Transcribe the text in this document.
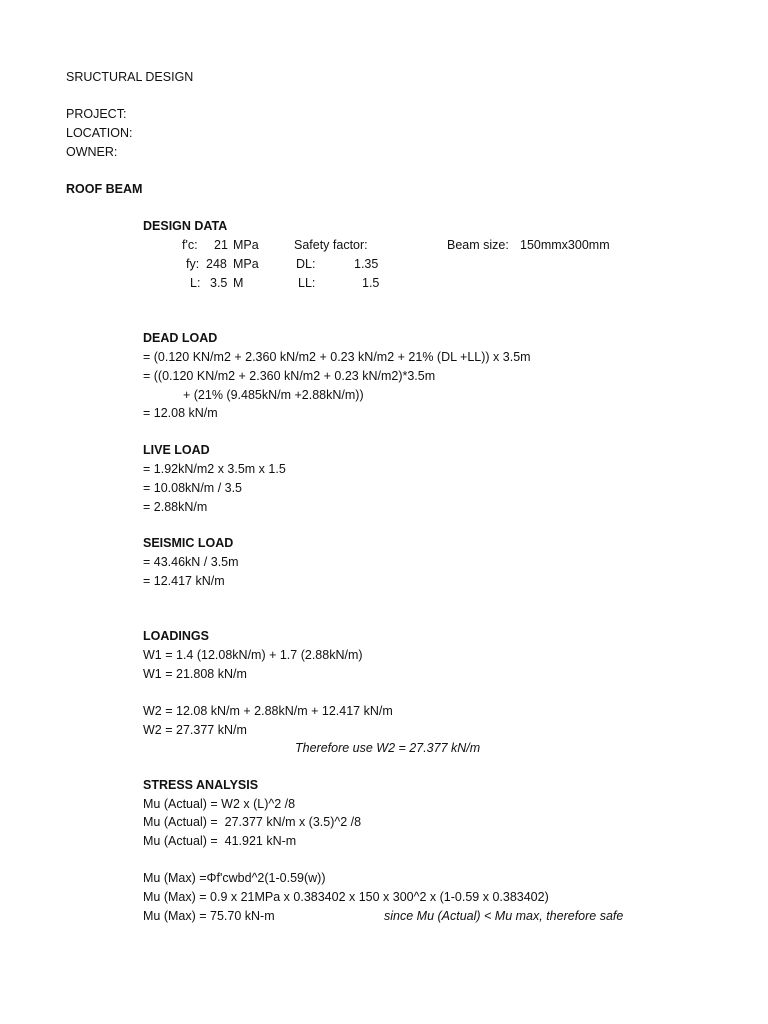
SRUCTURAL DESIGN
PROJECT:
LOCATION:
OWNER:
ROOF BEAM
DESIGN DATA
f'c: 21 MPa
fy: 248 MPa
L: 3.5 M
Safety factor:
DL:	1.35
LL:	1.5
Beam size: 150mmx300mm
DEAD LOAD
= (0.120 KN/m2 + 2.360 kN/m2 + 0.23 kN/m2 + 21% (DL +LL)) x 3.5m
= ((0.120 KN/m2 + 2.360 kN/m2 + 0.23 kN/m2)*3.5m
+ (21% (9.485kN/m +2.88kN/m))
= 12.08 kN/m
LIVE LOAD
= 1.92kN/m2 x 3.5m x 1.5
= 10.08kN/m / 3.5
= 2.88kN/m
SEISMIC LOAD
= 43.46kN / 3.5m
= 12.417 kN/m
LOADINGS
W1 = 1.4 (12.08kN/m) + 1.7 (2.88kN/m)
W1 = 21.808 kN/m
W2 = 12.08 kN/m + 2.88kN/m + 12.417 kN/m
W2 = 27.377 kN/m
Therefore use W2 = 27.377 kN/m
STRESS ANALYSIS
Mu (Actual) = W2 x (L)^2 /8
Mu (Actual) =  27.377 kN/m x (3.5)^2 /8
Mu (Actual) =  41.921 kN-m
Mu (Max) =Φf'cwbd^2(1-0.59(w))
Mu (Max) = 0.9 x 21MPa x 0.383402 x 150 x 300^2 x (1-0.59 x 0.383402)
Mu (Max) = 75.70 kN-m	since Mu (Actual) < Mu max, therefore safe
